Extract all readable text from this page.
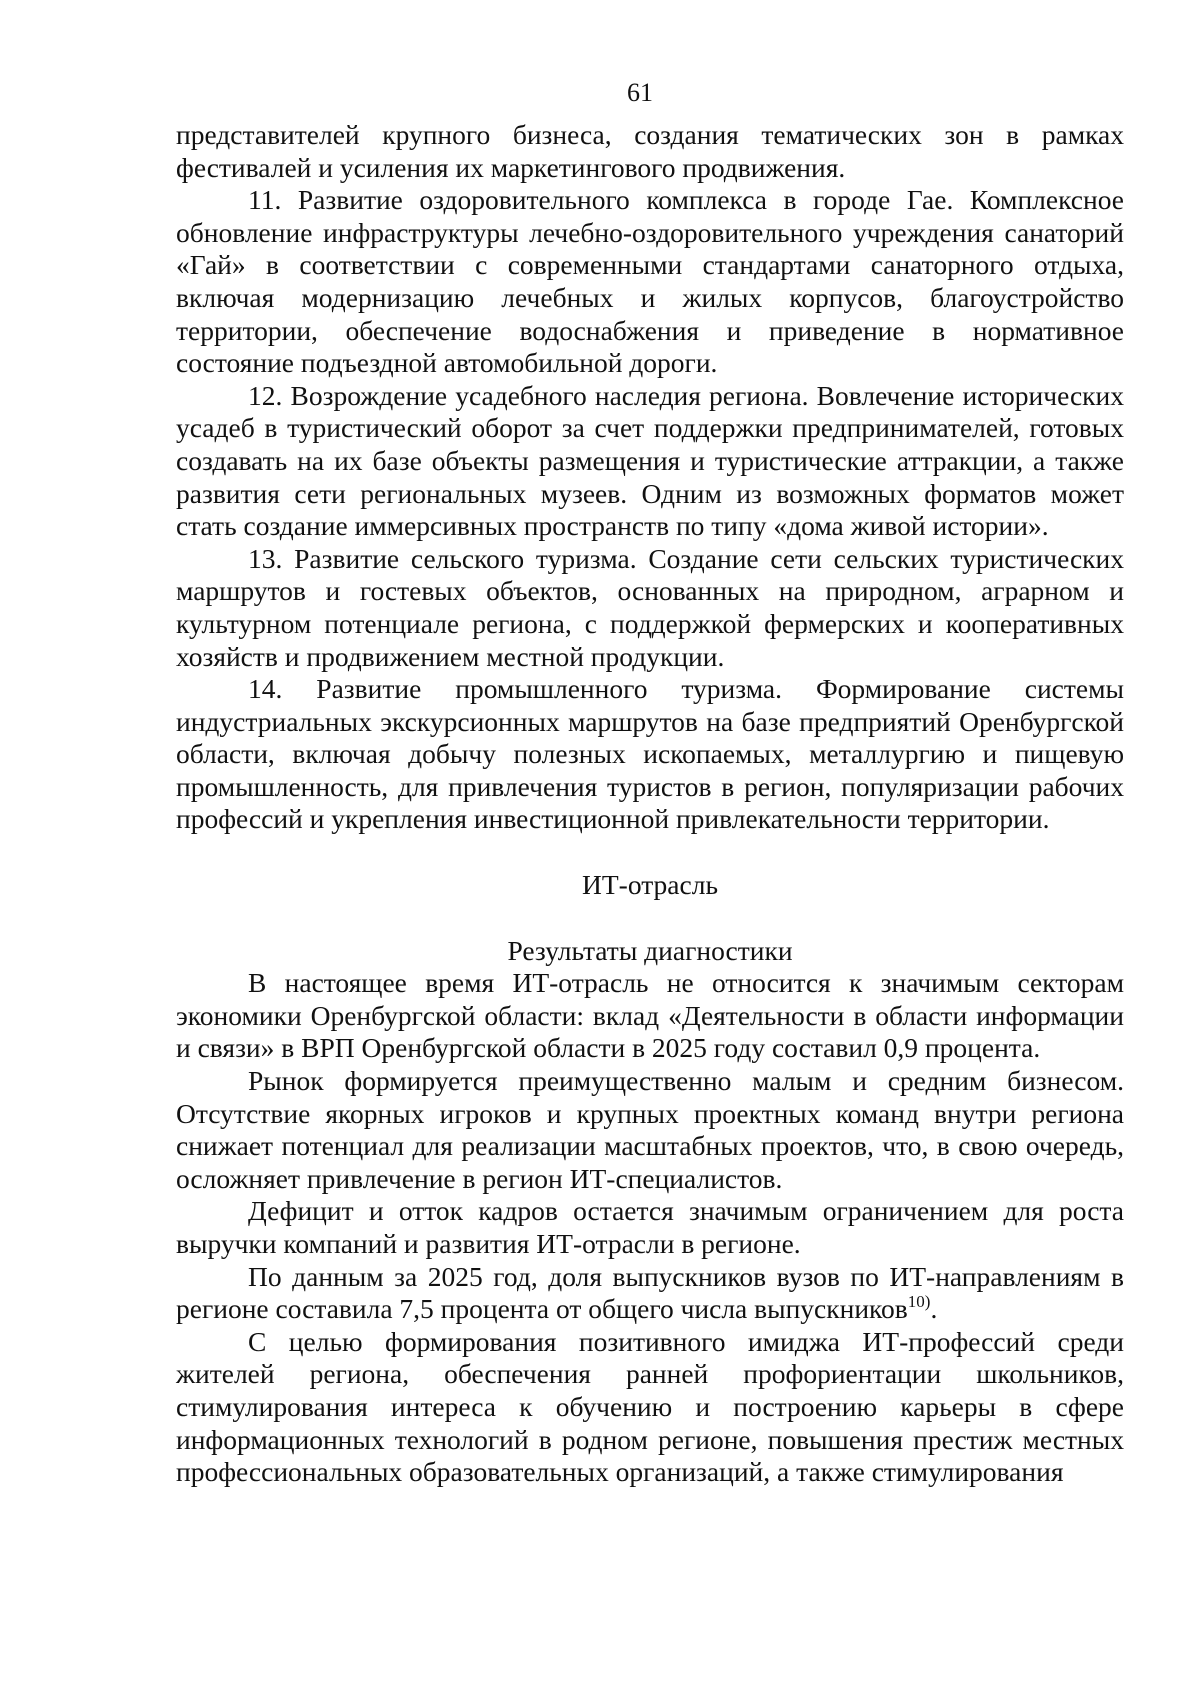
61

представителей крупного бизнеса, создания тематических зон в рамках фестивалей и усиления их маркетингового продвижения.

11. Развитие оздоровительного комплекса в городе Гае. Комплексное обновление инфраструктуры лечебно-оздоровительного учреждения санаторий «Гай» в соответствии с современными стандартами санаторного отдыха, включая модернизацию лечебных и жилых корпусов, благоустройство территории, обеспечение водоснабжения и приведение в нормативное состояние подъездной автомобильной дороги.

12. Возрождение усадебного наследия региона. Вовлечение исторических усадеб в туристический оборот за счет поддержки предпринимателей, готовых создавать на их базе объекты размещения и туристические аттракции, а также развития сети региональных музеев. Одним из возможных форматов может стать создание иммерсивных пространств по типу «дома живой истории».

13. Развитие сельского туризма. Создание сети сельских туристических маршрутов и гостевых объектов, основанных на природном, аграрном и культурном потенциале региона, с поддержкой фермерских и кооперативных хозяйств и продвижением местной продукции.

14. Развитие промышленного туризма. Формирование системы индустриальных экскурсионных маршрутов на базе предприятий Оренбургской области, включая добычу полезных ископаемых, металлургию и пищевую промышленность, для привлечения туристов в регион, популяризации рабочих профессий и укрепления инвестиционной привлекательности территории.

ИТ-отрасль

Результаты диагностики

В настоящее время ИТ-отрасль не относится к значимым секторам экономики Оренбургской области: вклад «Деятельности в области информации и связи» в ВРП Оренбургской области в 2025 году составил 0,9 процента.

Рынок формируется преимущественно малым и средним бизнесом. Отсутствие якорных игроков и крупных проектных команд внутри региона снижает потенциал для реализации масштабных проектов, что, в свою очередь, осложняет привлечение в регион ИТ-специалистов.

Дефицит и отток кадров остается значимым ограничением для роста выручки компаний и развития ИТ-отрасли в регионе.

По данным за 2025 год, доля выпускников вузов по ИТ-направлениям в регионе составила 7,5 процента от общего числа выпускников$^{10)}$.

С целью формирования позитивного имиджа ИТ-профессий среди жителей региона, обеспечения ранней профориентации школьников, стимулирования интереса к обучению и построению карьеры в сфере информационных технологий в родном регионе, повышения престиж местных профессиональных образовательных организаций, а также стимулирования
